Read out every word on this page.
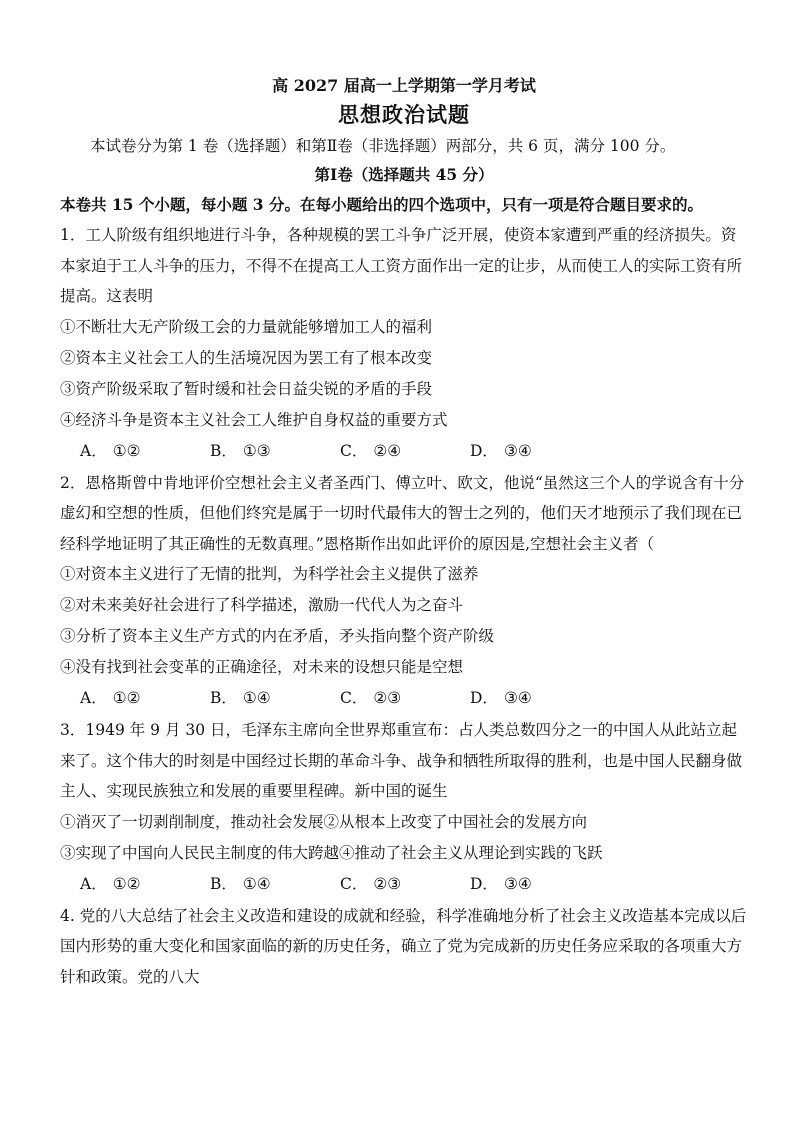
高 2027 届高一上学期第一学月考试

思想政治试题

本试卷分为第 1 卷（选择题）和第Ⅱ卷（非选择题）两部分，共 6 页，满分 100 分。

第Ⅰ卷（选择题共 45 分）

本卷共 15 个小题，每小题 3 分。在每小题给出的四个选项中，只有一项是符合题目要求的。

1．工人阶级有组织地进行斗争，各种规模的罢工斗争广泛开展，使资本家遭到严重的经济损失。资本家迫于工人斗争的压力，不得不在提高工人工资方面作出一定的让步，从而使工人的实际工资有所提高。这表明

①不断壮大无产阶级工会的力量就能够增加工人的福利

②资本主义社会工人的生活境况因为罢工有了根本改变

③资产阶级采取了暂时缓和社会日益尖锐的矛盾的手段

④经济斗争是资本主义社会工人维护自身权益的重要方式

A． ①②	B． ①③	C． ②④	D． ③④

2．恩格斯曾中肯地评价空想社会主义者圣西门、傅立叶、欧文，他说“虽然这三个人的学说含有十分虚幻和空想的性质，但他们终究是属于一切时代最伟大的智士之列的，他们天才地预示了我们现在已经科学地证明了其正确性的无数真理。”恩格斯作出如此评价的原因是,空想社会主义者（

①对资本主义进行了无情的批判，为科学社会主义提供了滋养

②对未来美好社会进行了科学描述，激励一代代人为之奋斗

③分析了资本主义生产方式的内在矛盾，矛头指向整个资产阶级

④没有找到社会变革的正确途径，对未来的设想只能是空想

A． ①②	B． ①④	C． ②③	D． ③④

3．1949 年 9 月 30 日，毛泽东主席向全世界郑重宣布：占人类总数四分之一的中国人从此站立起来了。这个伟大的时刻是中国经过长期的革命斗争、战争和牺牲所取得的胜利，也是中国人民翻身做主人、实现民族独立和发展的重要里程碑。新中国的诞生

①消灭了一切剥削制度，推动社会发展②从根本上改变了中国社会的发展方向

③实现了中国向人民民主制度的伟大跨越④推动了社会主义从理论到实践的飞跃

A． ①②	B． ①④	C． ②③	D． ③④

4. 党的八大总结了社会主义改造和建设的成就和经验，科学准确地分析了社会主义改造基本完成以后国内形势的重大变化和国家面临的新的历史任务，确立了党为完成新的历史任务应采取的各项重大方针和政策。党的八大
